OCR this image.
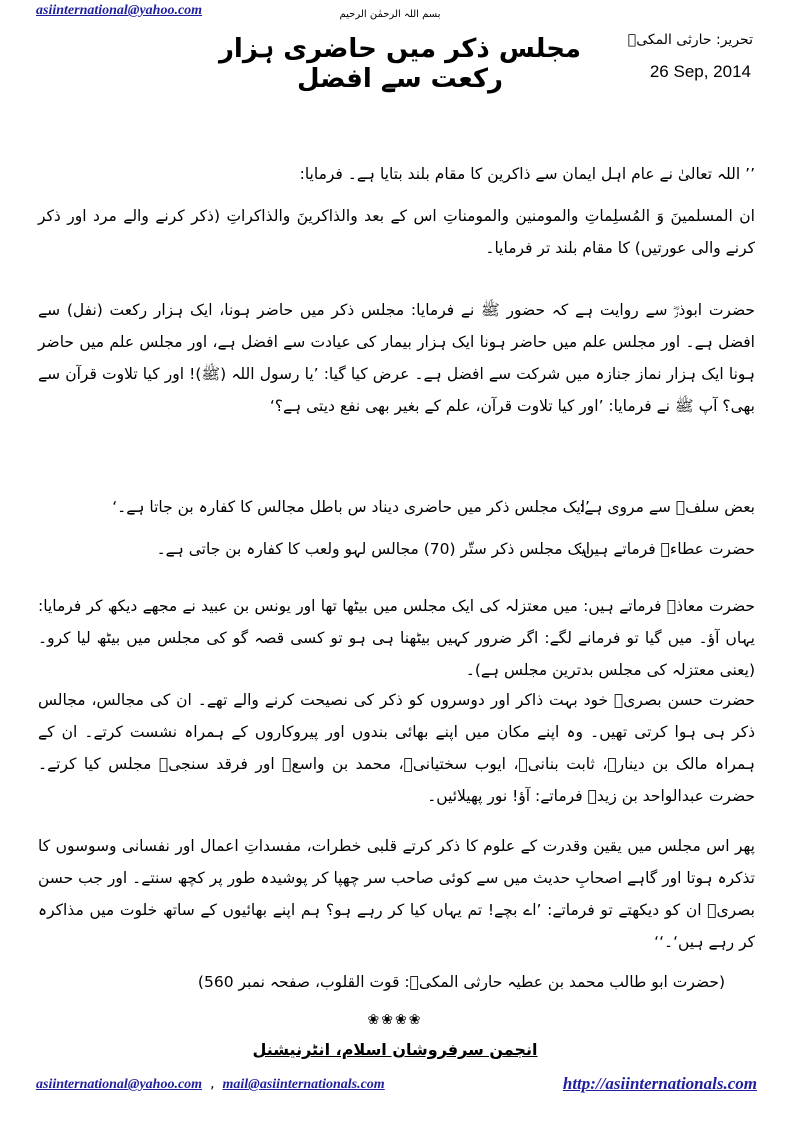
asiinternational@yahoo.com	بسم اللہ الرحمٰن الرحیم
تحریر: حارثی المکیؒ
26 Sep, 2014
مجلس ذکر میں حاضری ہزار رکعت سے افضل
’’ اللہ تعالیٰ نے عام اہل ایمان سے ذاکرین کا مقام بلند بتایا ہے۔ فرمایا:
ان المسلمینَ وَ المُسلِماتِ والمومنین والمومناتِ اس کے بعد والذاکرینَ والذاکراتِ (ذکر کرنے والے مرد اور ذکر کرنے والی عورتیں) کا مقام بلند تر فرمایا۔
حضرت ابوذرؓ سے روایت ہے کہ حضور ﷺ نے فرمایا: مجلس ذکر میں حاضر ہونا، ایک ہزار رکعت (نفل) سے افضل ہے۔ اور مجلس علم میں حاضر ہونا ایک ہزار بیمار کی عیادت سے افضل ہے، اور مجلس علم میں حاضر ہونا ایک ہزار نماز جنازہ میں شرکت سے افضل ہے۔ عرض کیا گیا: ’یا رسول اللہ (ﷺ)! اور کیا تلاوت قرآن سے بھی؟ آپ ﷺ نے فرمایا: ’اور کیا تلاوت قرآن، علم کے بغیر بھی نفع دیتی ہے؟‘
بعض سلفؒ سے مروی ہے:
’ایک مجلس ذکر میں حاضری دیناد س باطل مجالس کا کفارہ بن جاتا ہے۔‘
حضرت عطاءؒ فرماتے ہیں:
ایک مجلس ذکر ستّر (70) مجالس لہو ولعب کا کفارہ بن جاتی ہے۔
حضرت معاذؒ فرماتے ہیں: میں معتزلہ کی ایک مجلس میں بیٹھا تھا اور یونس بن عبید نے مجھے دیکھ کر فرمایا: یہاں آؤ۔ میں گیا تو فرمانے لگے: اگر ضرور کہیں بیٹھنا ہی ہو تو کسی قصہ گو کی مجلس میں بیٹھ لیا کرو۔ (یعنی معتزلہ کی مجلس بدترین مجلس ہے)۔
حضرت حسن بصریؒ خود بہت ذاکر اور دوسروں کو ذکر کی نصیحت کرنے والے تھے۔ ان کی مجالس، مجالس ذکر ہی ہوا کرتی تھیں۔ وہ اپنے مکان میں اپنے بھائی بندوں اور پیروکاروں کے ہمراہ نشست کرتے۔ ان کے ہمراہ مالک بن دینارؒ، ثابت بنانیؒ، ایوب سختیانیؒ، محمد بن واسعؒ اور فرقد سنجیؒ مجلس کیا کرتے۔ حضرت عبدالواحد بن زیدؒ فرماتے: آؤ! نور پھیلائیں۔
پھر اس مجلس میں یقین وقدرت کے علوم کا ذکر کرتے قلبی خطرات، مفسداتِ اعمال اور نفسانی وسوسوں کا تذکرہ ہوتا اور گاہے اصحابِ حدیث میں سے کوئی صاحب سر چھپا کر پوشیدہ طور پر کچھ سنتے۔ اور جب حسن بصریؒ ان کو دیکھتے تو فرماتے: ’اے بچے! تم یہاں کیا کر رہے ہو؟ ہم اپنے بھائیوں کے ساتھ خلوت میں مذاکرہ کر رہے ہیں‘۔‘‘
(حضرت ابو طالب محمد بن عطیہ حارثی المکیؒ: قوت القلوب، صفحہ نمبر 560)
❀❀❀❀
انجمن سرفروشان اسلام، انٹرنیشنل
asiinternational@yahoo.com , mail@asiinternationals.com	http://asiinternationals.com
